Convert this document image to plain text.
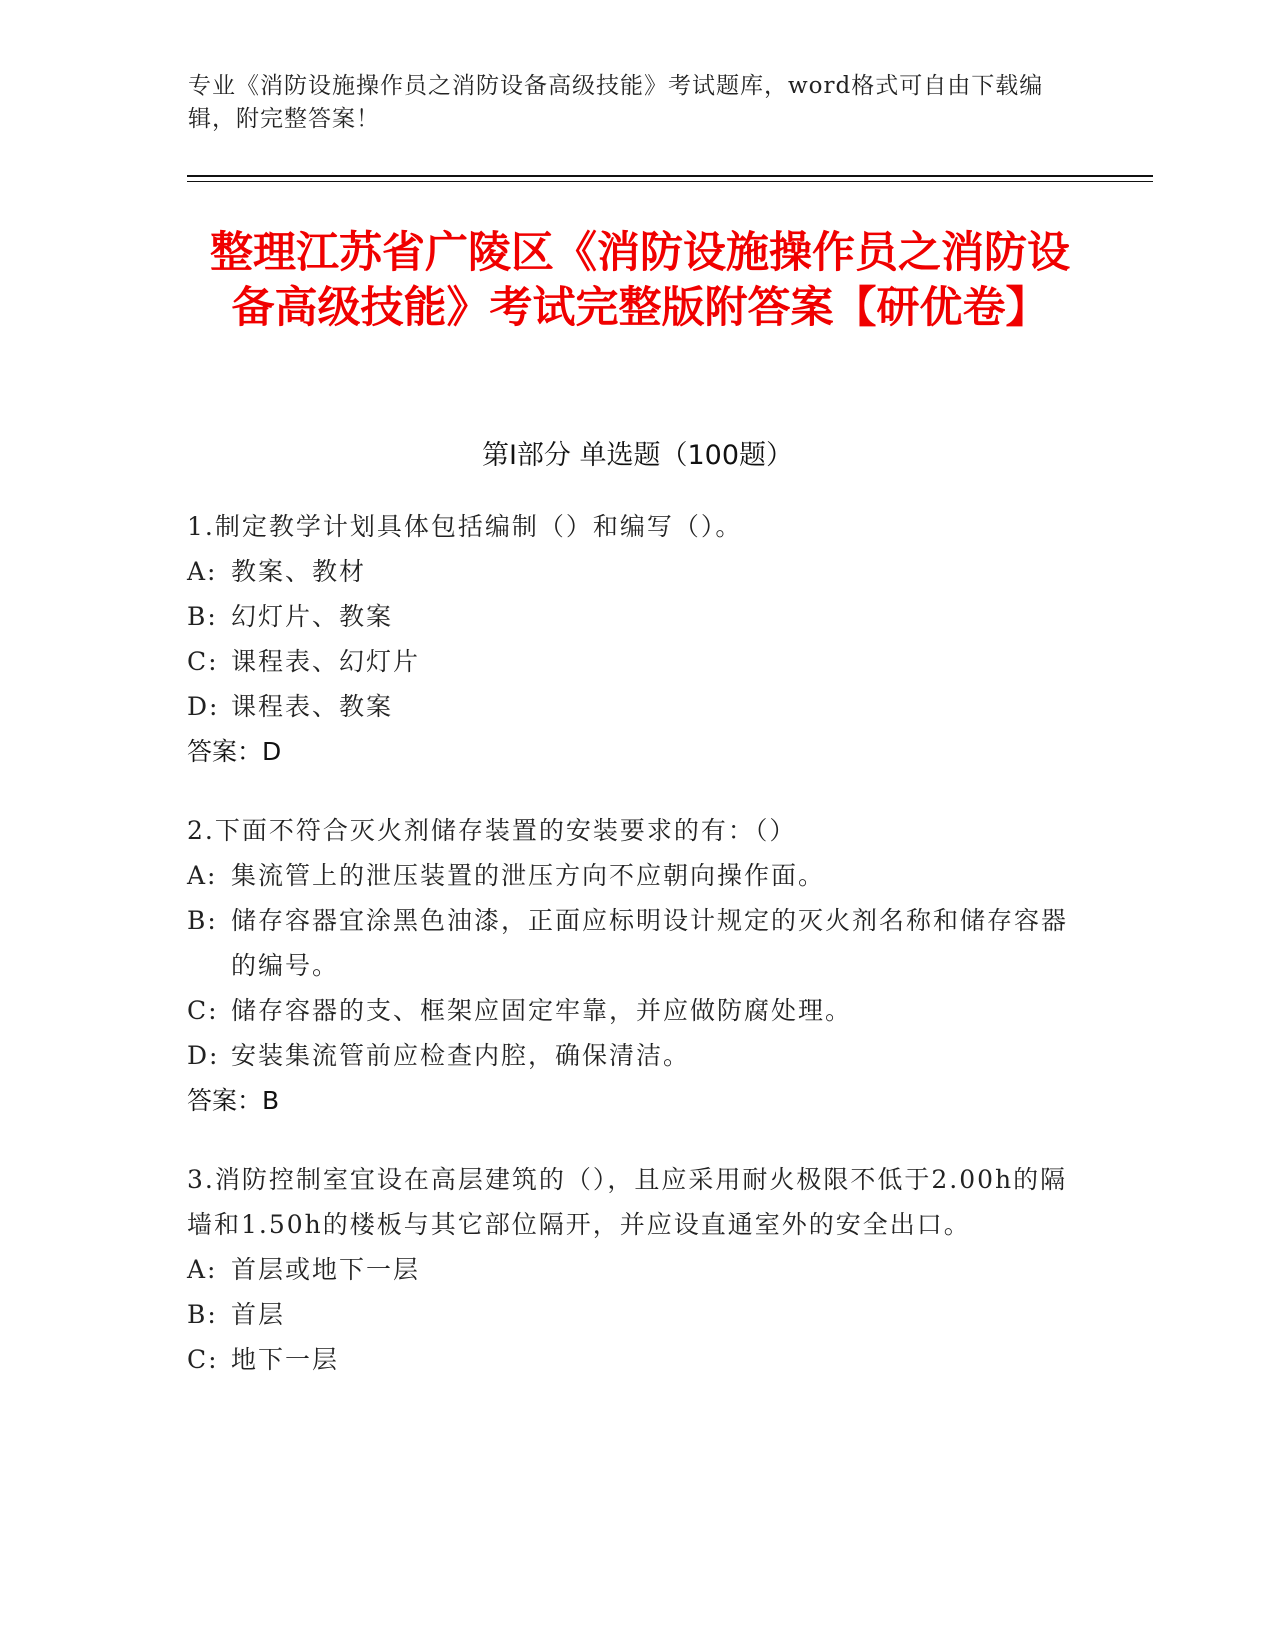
专业《消防设施操作员之消防设备高级技能》考试题库，word格式可自由下载编辑，附完整答案！
整理江苏省广陵区《消防设施操作员之消防设备高级技能》考试完整版附答案【研优卷】
第Ⅰ部分 单选题（100题）

1.制定教学计划具体包括编制（）和编写（）。

A: 教案、教材
B: 幻灯片、教案
C: 课程表、幻灯片
D: 课程表、教案

答案：D

2.下面不符合灭火剂储存装置的安装要求的有：（）

A: 集流管上的泄压装置的泄压方向不应朝向操作面。
B: 储存容器宜涂黑色油漆，正面应标明设计规定的灭火剂名称和储存容器的编号。
C: 储存容器的支、框架应固定牢靠，并应做防腐处理。
D: 安装集流管前应检查内腔，确保清洁。

答案：B

3.消防控制室宜设在高层建筑的（），且应采用耐火极限不低于2.00h的隔墙和1.50h的楼板与其它部位隔开，并应设直通室外的安全出口。

A: 首层或地下一层
B: 首层
C: 地下一层
